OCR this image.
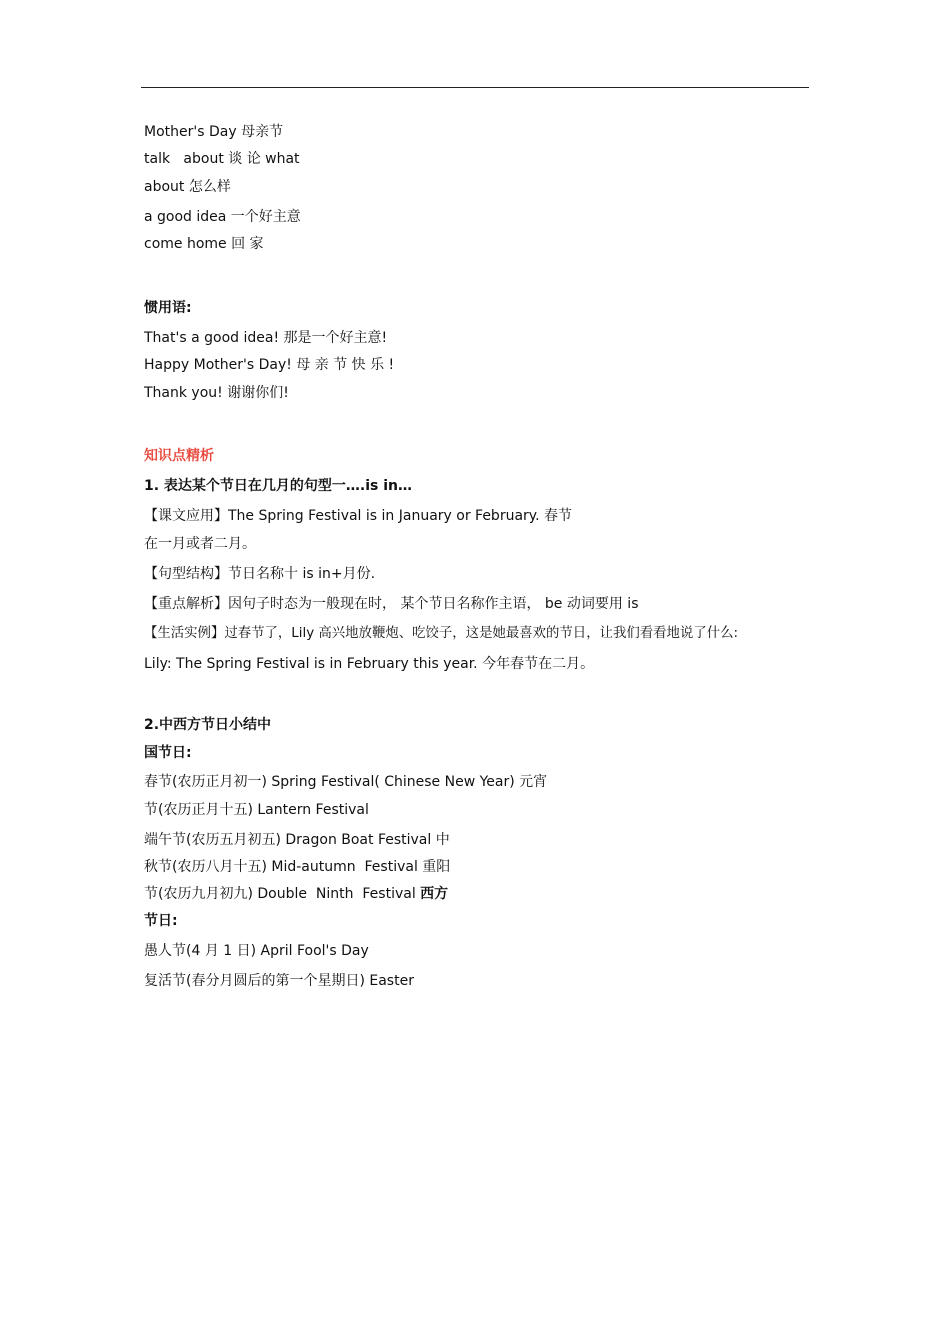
Mother's Day 母亲节
talk   about 谈 论 what
about 怎么样
a good idea 一个好主意
come home 回 家
惯用语:
That's a good idea! 那是一个好主意!
Happy Mother's Day! 母 亲 节 快 乐 !
Thank you! 谢谢你们!
知识点精析
1. 表达某个节日在几月的句型一….is in…
【课文应用】The Spring Festival is in January or February. 春节
在一月或者二月。
【句型结构】节日名称十 is in+月份.
【重点解析】因句子时态为一般现在时， 某个节日名称作主语， be 动词要用 is
【生活实例】过春节了，Lily 高兴地放鞭炮、吃饺子，这是她最喜欢的节日，让我们看看地说了什么:
Lily: The Spring Festival is in February this year. 今年春节在二月。
2.中西方节日小结中
国节日:
春节(农历正月初一) Spring Festival( Chinese New Year) 元宵
节(农历正月十五) Lantern Festival
端午节(农历五月初五) Dragon Boat Festival 中
秋节(农历八月十五) Mid-autumn  Festival 重阳
节(农历九月初九) Double  Ninth  Festival 西方
节日:
愚人节(4 月 1 日) April Fool's Day
复活节(春分月圆后的第一个星期日) Easter
